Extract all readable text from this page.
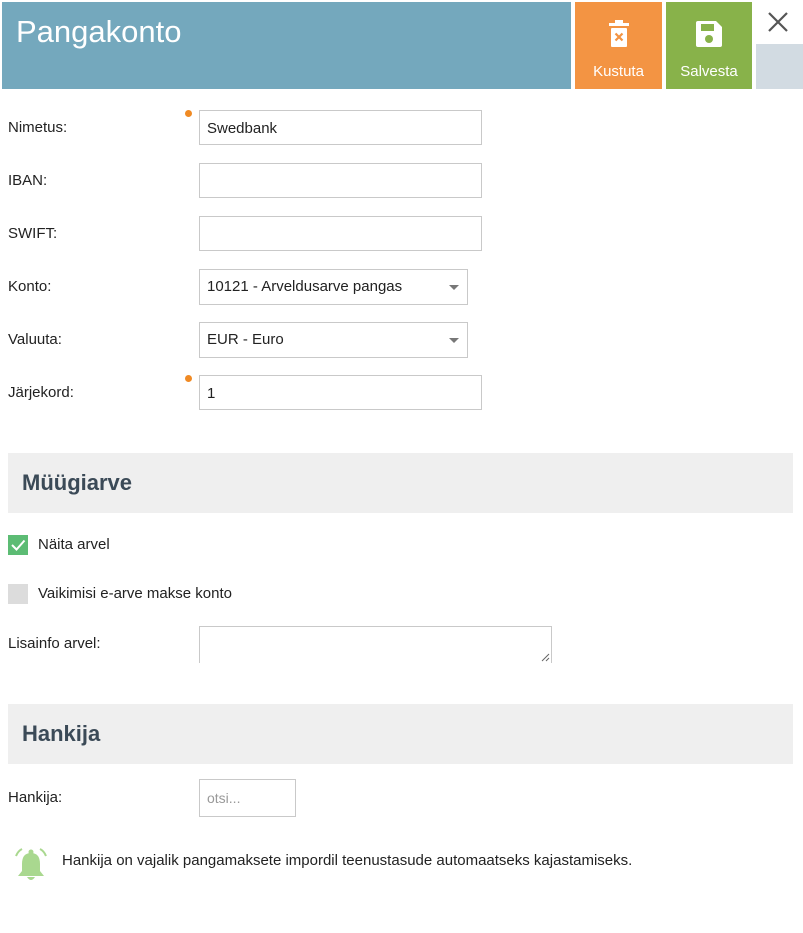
Pangakonto
Kustuta Salvesta
Nimetus:	Swedbank
IBAN:
SWIFT:
Konto:	10121 - Arveldusarve pangas
Valuuta:	EUR - Euro
Järjekord:	1
Müügiarve
Näita arvel
Vaikimisi e-arve makse konto
Lisainfo arvel:
Hankija
Hankija:	otsi...
Hankija on vajalik pangamaksete impordil teenustasude automaatseks kajastamiseks.
